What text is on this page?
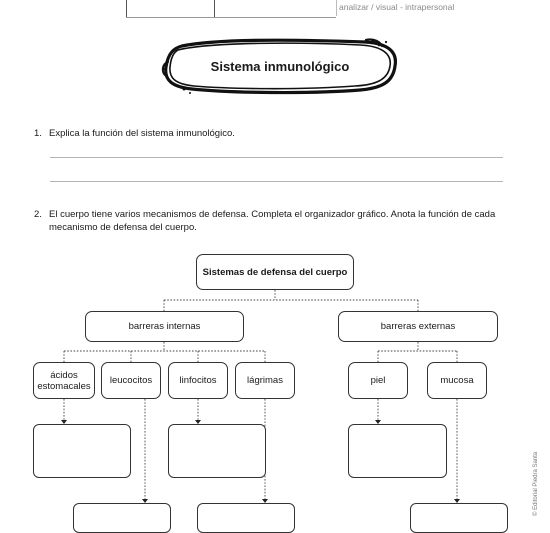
analizar / visual - intrapersonal
Sistema inmunológico
1. Explica la función del sistema inmunológico.
2. El cuerpo tiene varios mecanismos de defensa. Completa el organizador gráfico. Anota la función de cada
mecanismo de defensa del cuerpo.
Sistemas de defensa del cuerpo
barreras internas	barreras externas
ácidos
estomacales	leucocitos	linfocitos	lágrimas	piel	mucosa
© Editorial Piedra Santa
